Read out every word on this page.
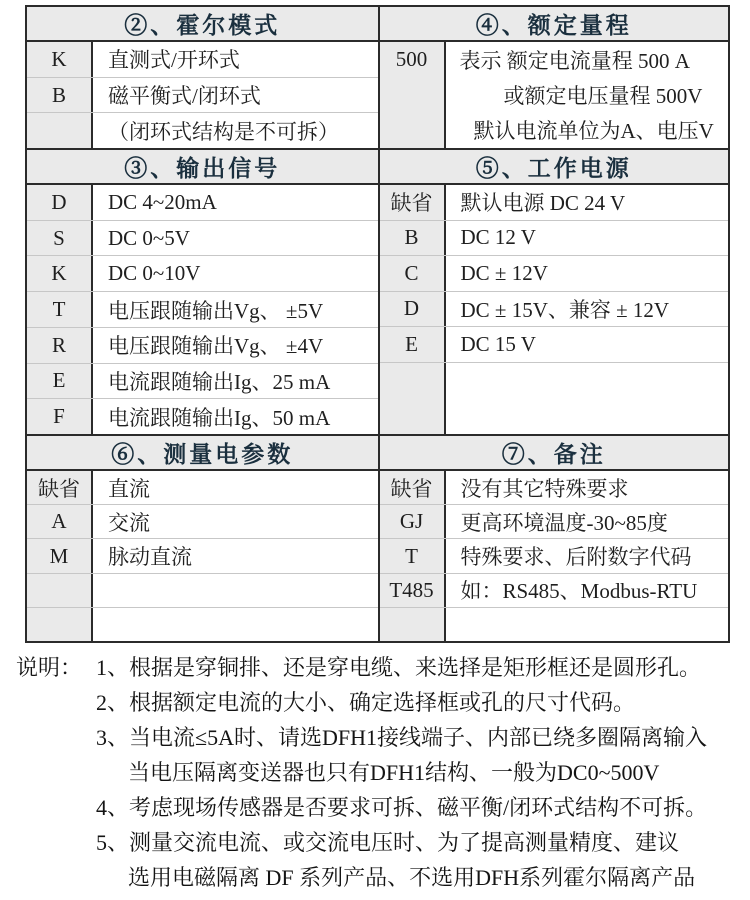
②、霍尔模式
K	直测式/开环式
B	磁平衡式/闭环式
（闭环式结构是不可拆）
③、输出信号
D	DC 4~20mA
S	DC 0~5V
K	DC 0~10V
T	电压跟随输出Vg、 ±5V
R	电压跟随输出Vg、 ±4V
E	电流跟随输出Ig、25 mA
F	电流跟随输出Ig、50 mA
⑥、测量电参数
缺省	直流
A	交流
M	脉动直流
④、额定量程
500	表示 额定电流量程 500 A
或额定电压量程 500V
默认电流单位为A、电压V
⑤、工作电源
缺省	默认电源 DC 24 V
B	DC 12 V
C	DC ± 12V
D	DC ± 15V、兼容 ± 12V
E	DC 15 V
⑦、备注
缺省	没有其它特殊要求
GJ	更高环境温度-30~85度
T	特殊要求、后附数字代码
T485	如：RS485、Modbus-RTU
说明： 1、根据是穿铜排、还是穿电缆、来选择是矩形框还是圆形孔。
2、根据额定电流的大小、确定选择框或孔的尺寸代码。
3、当电流≤5A时、请选DFH1接线端子、内部已绕多圈隔离输入
当电压隔离变送器也只有DFH1结构、一般为DC0~500V
4、考虑现场传感器是否要求可拆、磁平衡/闭环式结构不可拆。
5、测量交流电流、或交流电压时、为了提高测量精度、建议
选用电磁隔离 DF 系列产品、不选用DFH系列霍尔隔离产品
